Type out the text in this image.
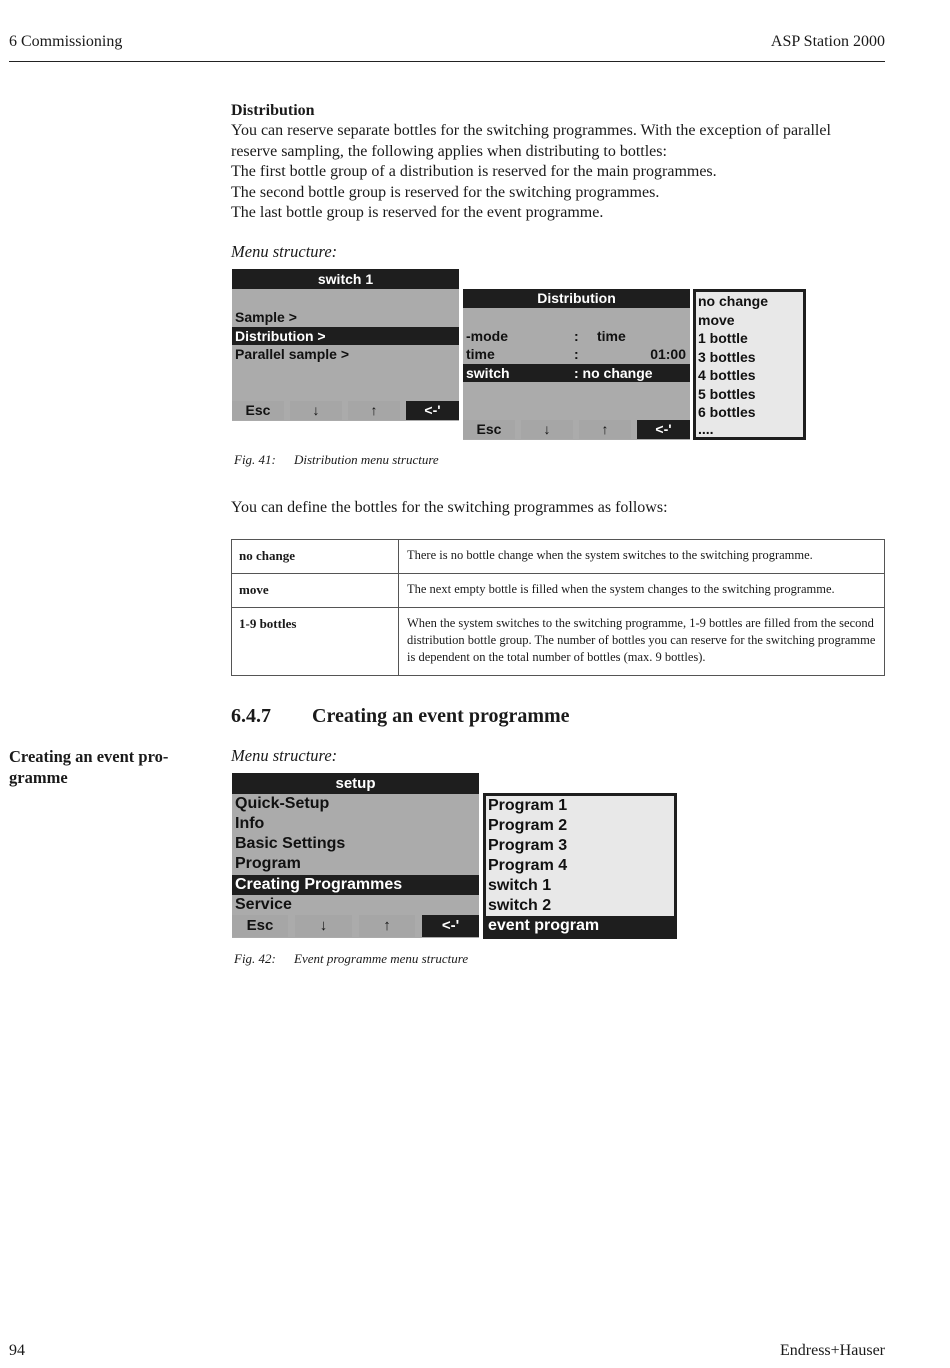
6 Commissioning	ASP Station 2000
Distribution
You can reserve separate bottles for the switching programmes. With the exception of parallel
reserve sampling, the following applies when distributing to bottles:
The first bottle group of a distribution is reserved for the main programmes.
The second bottle group is reserved for the switching programmes.
The last bottle group is reserved for the event programme.
Menu structure:
switch 1
Sample >
Distribution >
Parallel sample >
Esc	↓	↑	<-'
Distribution
-mode	: time
time	:	01:00
switch	: no change
Esc	↓	↑	<-'
no change
move
1 bottle
3 bottles
4 bottles
5 bottles
6 bottles
....
Fig. 41: Distribution menu structure
You can define the bottles for the switching programmes as follows:
no change	There is no bottle change when the system switches to the switching programme.
move	The next empty bottle is filled when the system changes to the switching programme.
1-9 bottles	When the system switches to the switching programme, 1-9 bottles are filled from the second distribution bottle group. The number of bottles you can reserve for the switching programme is dependent on the total number of bottles (max. 9 bottles).
6.4.7 Creating an event programme
Creating an event pro-
gramme
Menu structure:
setup
Quick-Setup
Info
Basic Settings
Program
Creating Programmes
Service
Esc	↓	↑	<-'
Program 1
Program 2
Program 3
Program 4
switch 1
switch 2
event program
Fig. 42: Event programme menu structure
94	Endress+Hauser
